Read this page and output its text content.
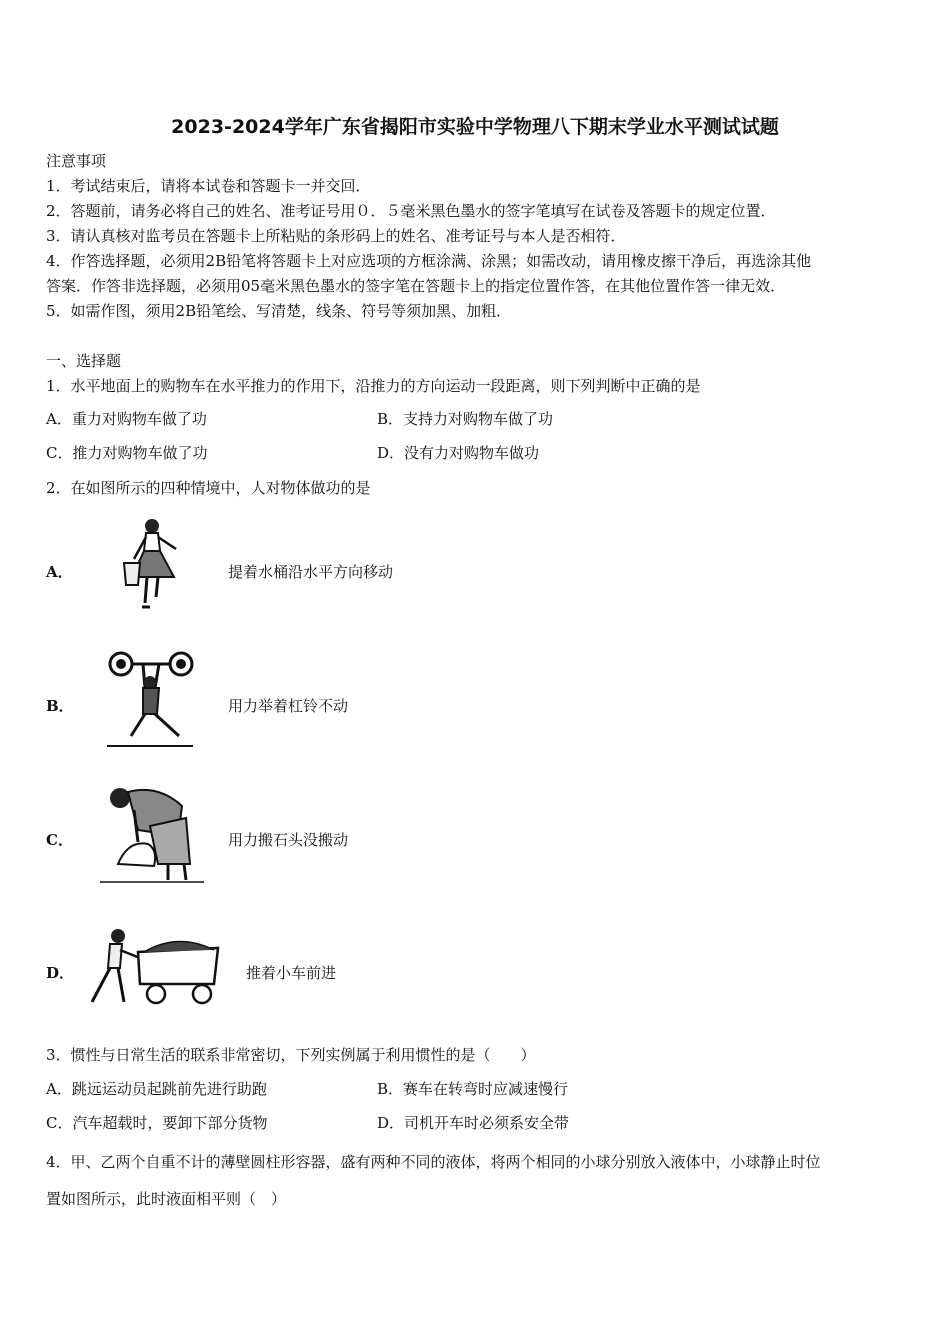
2023-2024学年广东省揭阳市实验中学物理八下期末学业水平测试试题
注意事项
1．考试结束后，请将本试卷和答题卡一并交回．
2．答题前，请务必将自己的姓名、准考证号用０．５毫米黑色墨水的签字笔填写在试卷及答题卡的规定位置．
3．请认真核对监考员在答题卡上所粘贴的条形码上的姓名、准考证号与本人是否相符．
4．作答选择题，必须用2B铅笔将答题卡上对应选项的方框涂满、涂黑；如需改动，请用橡皮擦干净后，再选涂其他
答案．作答非选择题，必须用05毫米黑色墨水的签字笔在答题卡上的指定位置作答，在其他位置作答一律无效．
5．如需作图，须用2B铅笔绘、写清楚，线条、符号等须加黑、加粗．
一、选择题
1．水平地面上的购物车在水平推力的作用下，沿推力的方向运动一段距离，则下列判断中正确的是
A．重力对购物车做了功	B．支持力对购物车做了功
C．推力对购物车做了功	D．没有力对购物车做功
2．在如图所示的四种情境中，人对物体做功的是
A．	提着水桶沿水平方向移动
B．	用力举着杠铃不动
C．	用力搬石头没搬动
D．	推着小车前进
3．惯性与日常生活的联系非常密切，下列实例属于利用惯性的是（　　）
A．跳远运动员起跳前先进行助跑	B．赛车在转弯时应减速慢行
C．汽车超载时，要卸下部分货物	D．司机开车时必须系安全带
4．甲、乙两个自重不计的薄壁圆柱形容器，盛有两种不同的液体，将两个相同的小球分别放入液体中，小球静止时位
置如图所示，此时液面相平则（　）
